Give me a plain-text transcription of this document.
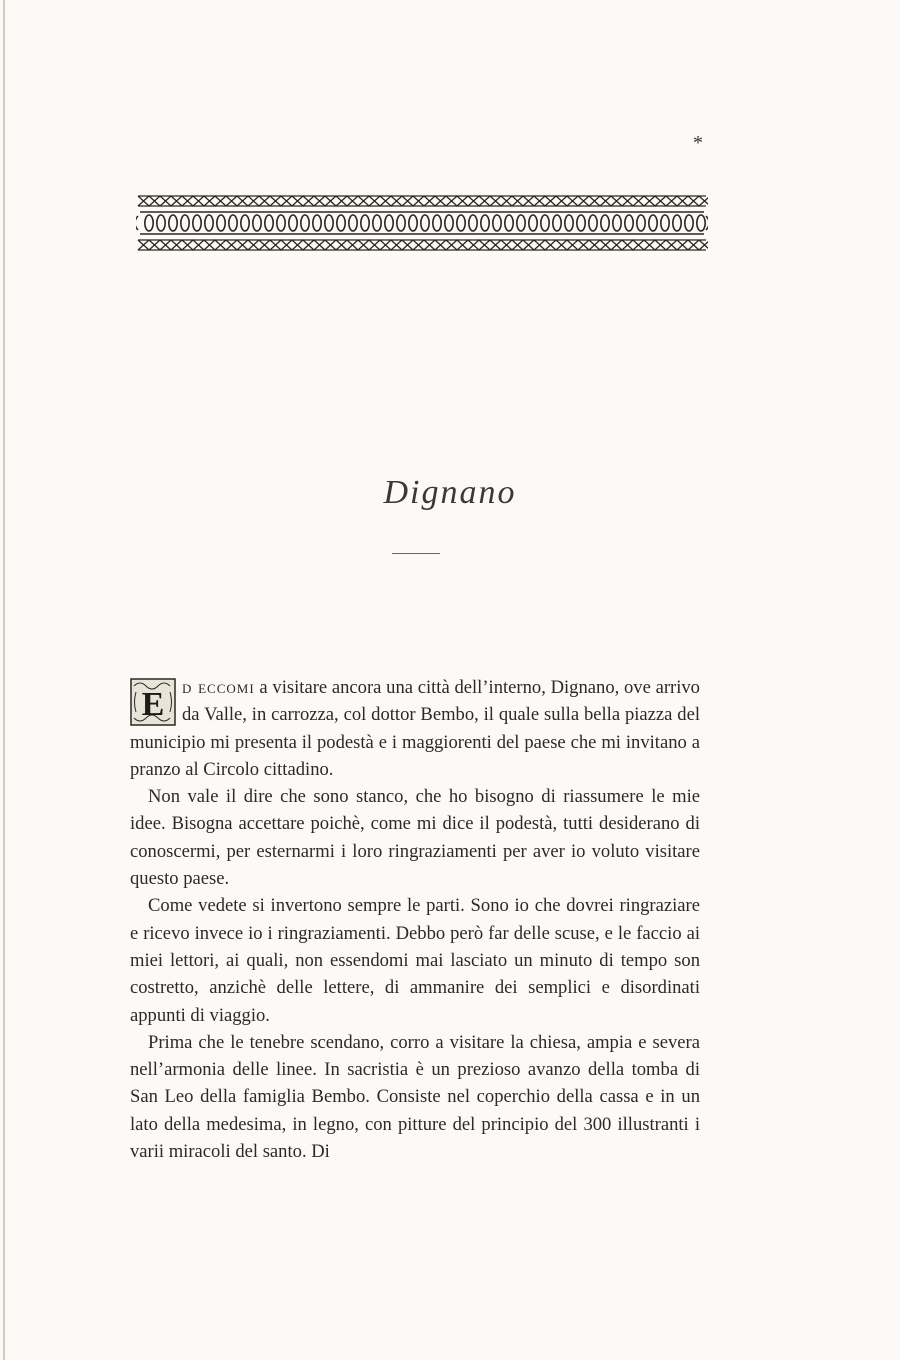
*
Dignano

E d eccomi a visitare ancora una città dell’interno, Dignano, ove arrivo da Valle, in carrozza, col dottor Bembo, il quale sulla bella piazza del municipio mi presenta il podestà e i maggiorenti del paese che mi invitano a pranzo al Circolo cittadino.

Non vale il dire che sono stanco, che ho bisogno di riassumere le mie idee. Bisogna accettare poichè, come mi dice il podestà, tutti desiderano di conoscermi, per esternarmi i loro ringraziamenti per aver io voluto visitare questo paese.

Come vedete si invertono sempre le parti. Sono io che dovrei ringraziare e ricevo invece io i ringraziamenti. Debbo però far delle scuse, e le faccio ai miei lettori, ai quali, non essendomi mai lasciato un minuto di tempo son costretto, anzichè delle lettere, di ammanire dei semplici e disordinati appunti di viaggio.

Prima che le tenebre scendano, corro a visitare la chiesa, ampia e severa nell’armonia delle linee. In sacristia è un prezioso avanzo della tomba di San Leo della famiglia Bembo. Consiste nel coperchio della cassa e in un lato della medesima, in legno, con pitture del principio del 300 illustranti i varii miracoli del santo. Di
